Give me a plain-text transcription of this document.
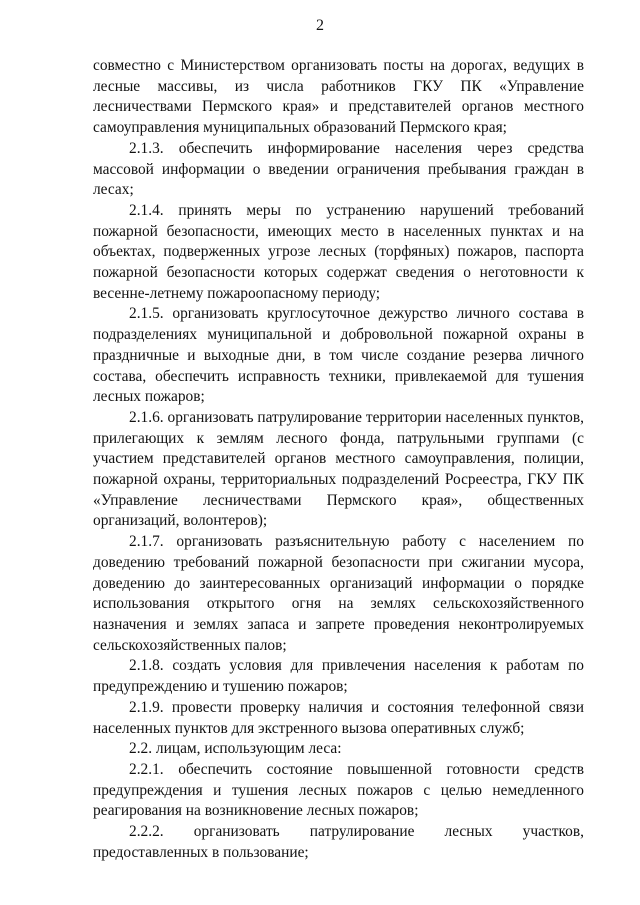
2

совместно с Министерством организовать посты на дорогах, ведущих в лесные массивы, из числа работников ГКУ ПК «Управление лесничествами Пермского края» и представителей органов местного самоуправления муниципальных образований Пермского края;

2.1.3. обеспечить информирование населения через средства массовой информации о введении ограничения пребывания граждан в лесах;

2.1.4. принять меры по устранению нарушений требований пожарной безопасности, имеющих место в населенных пунктах и на объектах, подверженных угрозе лесных (торфяных) пожаров, паспорта пожарной безопасности которых содержат сведения о неготовности к весенне-летнему пожароопасному периоду;

2.1.5. организовать круглосуточное дежурство личного состава в подразделениях муниципальной и добровольной пожарной охраны в праздничные и выходные дни, в том числе создание резерва личного состава, обеспечить исправность техники, привлекаемой для тушения лесных пожаров;

2.1.6. организовать патрулирование территории населенных пунктов, прилегающих к землям лесного фонда, патрульными группами (с участием представителей органов местного самоуправления, полиции, пожарной охраны, территориальных подразделений Росреестра, ГКУ ПК «Управление лесничествами Пермского края», общественных организаций, волонтеров);

2.1.7. организовать разъяснительную работу с населением по доведению требований пожарной безопасности при сжигании мусора, доведению до заинтересованных организаций информации о порядке использования открытого огня на землях сельскохозяйственного назначения и землях запаса и запрете проведения неконтролируемых сельскохозяйственных палов;

2.1.8. создать условия для привлечения населения к работам по предупреждению и тушению пожаров;

2.1.9. провести проверку наличия и состояния телефонной связи населенных пунктов для экстренного вызова оперативных служб;

2.2. лицам, использующим леса:

2.2.1. обеспечить состояние повышенной готовности средств предупреждения и тушения лесных пожаров с целью немедленного реагирования на возникновение лесных пожаров;

2.2.2. организовать патрулирование лесных участков, предоставленных в пользование;
